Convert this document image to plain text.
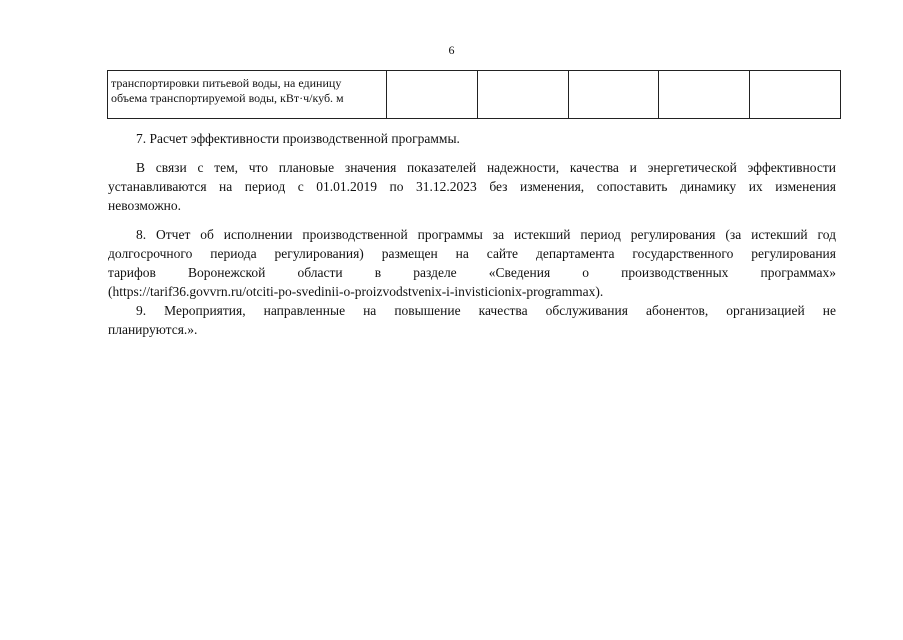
6
транспортировки питьевой воды, на единицу
объема транспортируемой воды, кВт·ч/куб. м

7. Расчет эффективности производственной программы.
В связи с тем, что плановые значения показателей надежности, качества и энергетической эффективности
устанавливаются на период с 01.01.2019 по 31.12.2023 без изменения, сопоставить динамику их изменения
невозможно.
8. Отчет об исполнении производственной программы за истекший период регулирования (за истекший год
долгосрочного периода регулирования) размещен на сайте департамента государственного регулирования
тарифов Воронежской области в разделе «Сведения о производственных программах»
(https://tarif36.govvrn.ru/otciti-po-svedinii-o-proizvodstvenix-i-invisticionix-programmax).
9. Мероприятия, направленные на повышение качества обслуживания абонентов, организацией не
планируются.».
